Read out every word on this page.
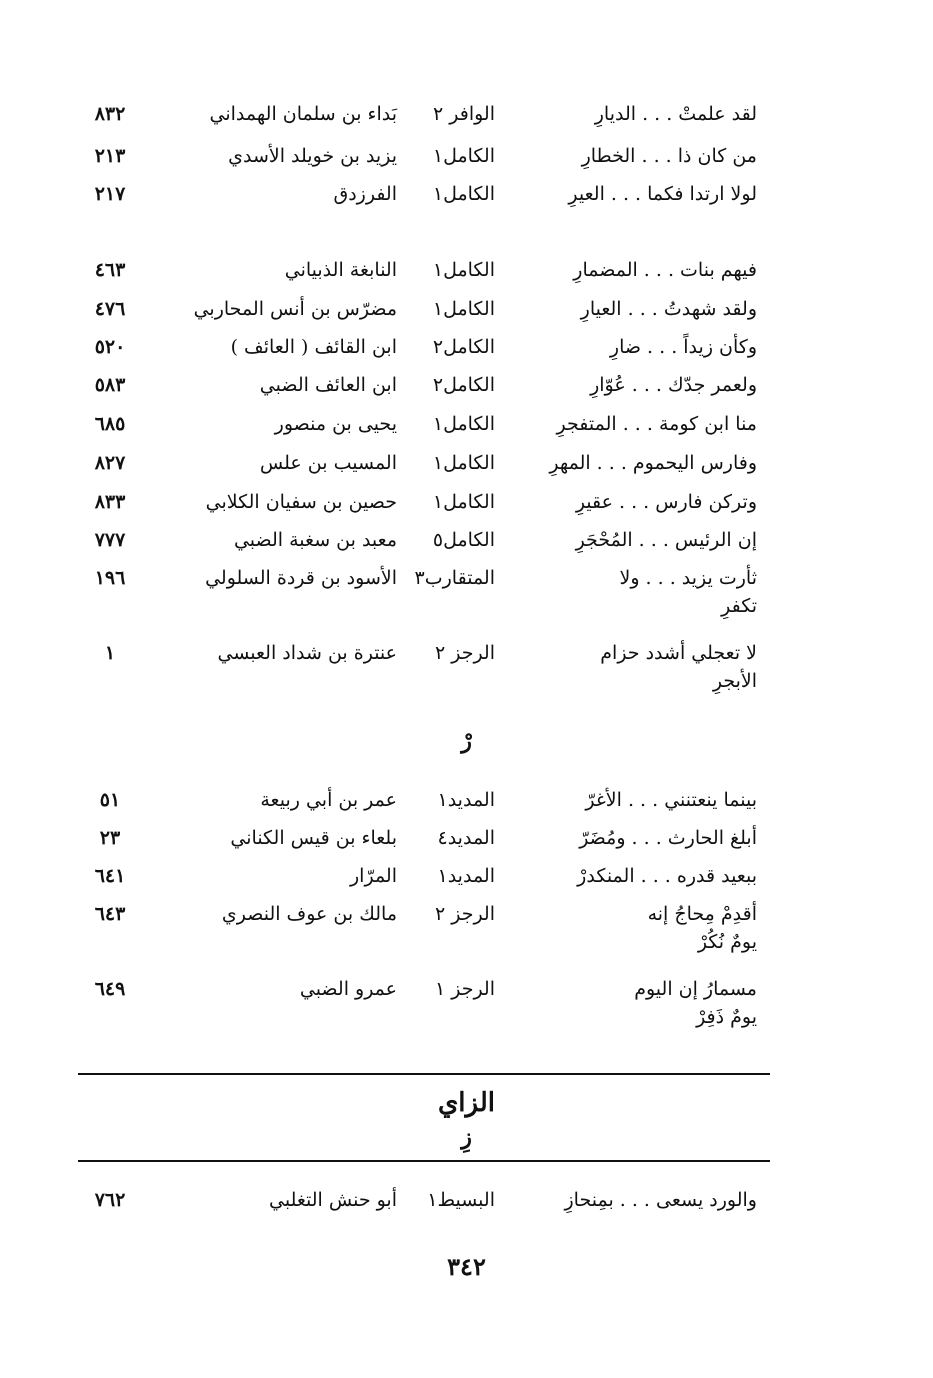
لقد علمتْ . . . الديارِ
الوافر ٢
بَداء بن سلمان الهمداني
٨٣٢
من كان ذا . . . الخطارِ
الكامل١
يزيد بن خويلد الأسدي
٢١٣
لولا ارتدا فكما . . . العيرِ
الكامل١
الفرزدق
٢١٧
فيهم بنات . . . المضمارِ
الكامل١
النابغة الذبياني
٤٦٣
ولقد شهدتُ . . . العيارِ
الكامل١
مضرّس بن أنس المحاربي
٤٧٦
وكأن زيداً . . . ضارِ
الكامل٢
ابن القائف ( العائف )
٥٢٠
ولعمر جدّك . . . عُوّارِ
الكامل٢
ابن العائف الضبي
٥٨٣
منا ابن كومة . . . المتفجرِ
الكامل١
يحيى بن منصور
٦٨٥
وفارس اليحموم . . . المهرِ
الكامل١
المسيب بن علس
٨٢٧
وتركن فارس . . . عقيرِ
الكامل١
حصين بن سفيان الكلابي
٨٣٣
إن الرئيس . . . المُحْجَرِ
الكامل٥
معبد بن سغبة الضبي
٧٧٧
ثأرت يزيد . . . ولا تكفرِ
المتقارب٣
الأسود بن قردة السلولي
١٩٦
لا تعجلي أشدد حزام الأبجرِ
الرجز ٢
عنترة بن شداد العبسي
١
رْ
بينما ينعتنني . . . الأغرّ
المديد١
عمر بن أبي ربيعة
٥١
أبلغ الحارث . . . ومُضَرّ
المديد٤
بلعاء بن قيس الكناني
٢٣
ببعيد قدره . . . المنكدرْ
المديد١
المرّار
٦٤١
أقدِمْ مِحاجُ إنه يومٌ نُكُرْ
الرجز ٢
مالك بن عوف النصري
٦٤٣
مسمارُ إن اليوم يومٌ ذَفِرْ
الرجز ١
عمرو الضبي
٦٤٩
الزاي
زِ
والورد يسعى . . . بمِنحازِ
البسيط١
أبو حنش التغلبي
٧٦٢
٣٤٢
